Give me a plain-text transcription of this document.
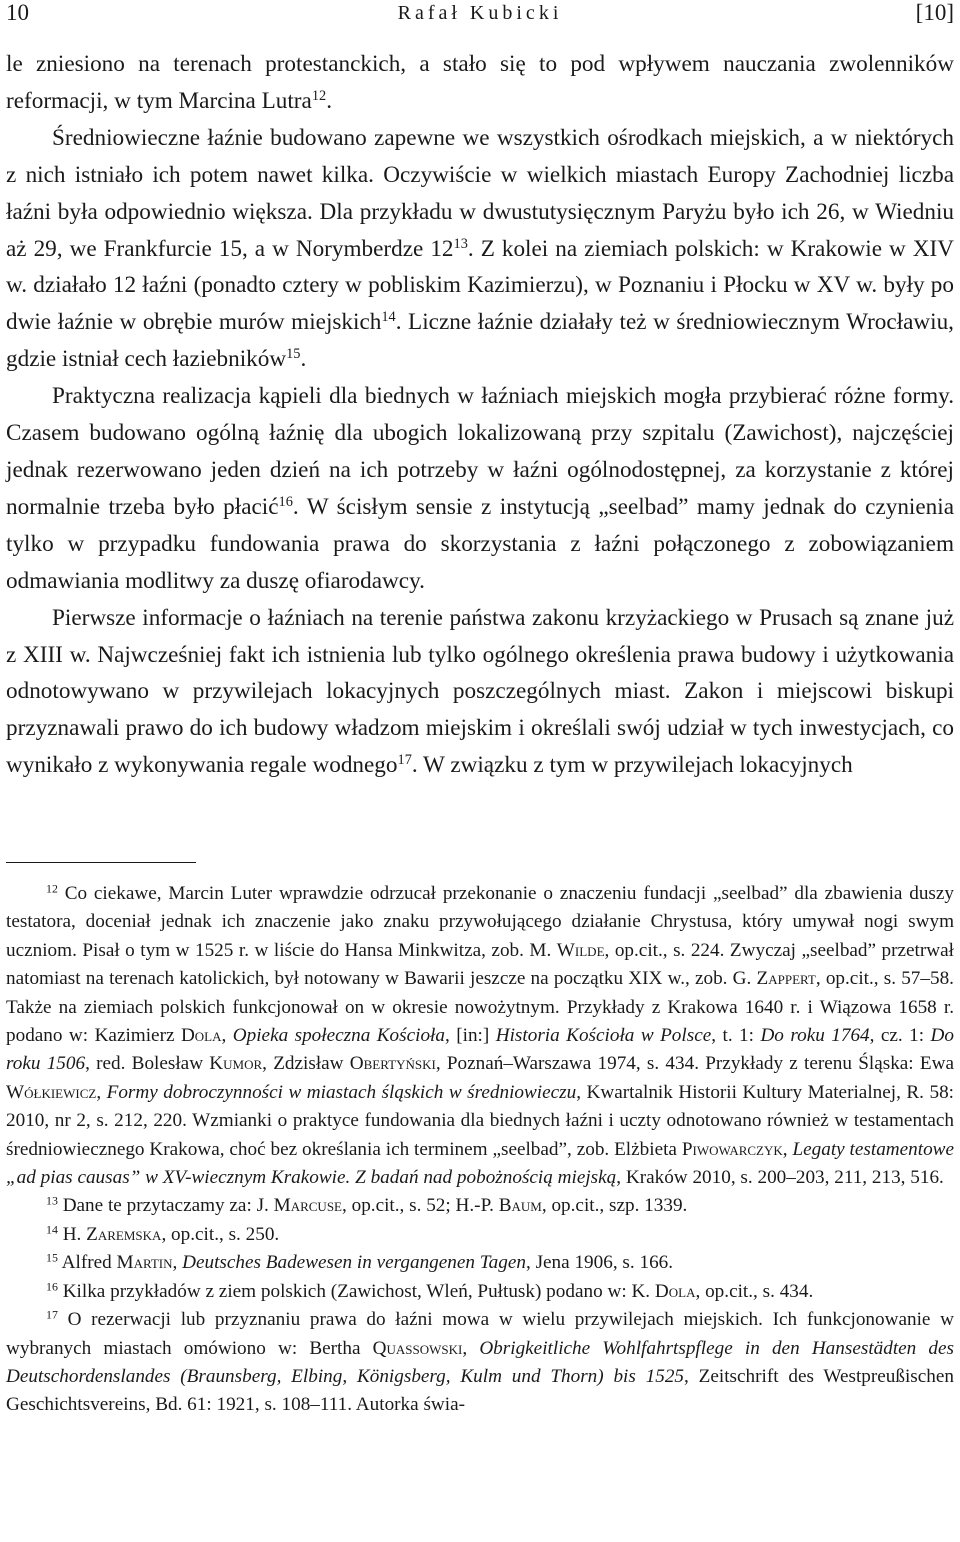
10	Rafał Kubicki	[10]

le zniesiono na terenach protestanckich, a stało się to pod wpływem nauczania zwolenników reformacji, w tym Marcina Lutra$^{12}$.

Średniowieczne łaźnie budowano zapewne we wszystkich ośrodkach miejskich, a w niektórych z nich istniało ich potem nawet kilka. Oczywiście w wielkich miastach Europy Zachodniej liczba łaźni była odpowiednio większa. Dla przykładu w dwustutysięcznym Paryżu było ich 26, w Wiedniu aż 29, we Frankfurcie 15, a w Norymberdze $12^{13}$. Z kolei na ziemiach polskich: w Krakowie w XIV w. działało 12 łaźni (ponadto cztery w pobliskim Kazimierzu), w Poznaniu i Płocku w XV w. były po dwie łaźnie w obrębie murów miejskich$^{14}$. Liczne łaźnie działały też w średniowiecznym Wrocławiu, gdzie istniał cech łaziebników$^{15}$.

Praktyczna realizacja kąpieli dla biednych w łaźniach miejskich mogła przybierać różne formy. Czasem budowano ogólną łaźnię dla ubogich lokalizowaną przy szpitalu (Zawichost), najczęściej jednak rezerwowano jeden dzień na ich potrzeby w łaźni ogólnodostępnej, za korzystanie z której normalnie trzeba było płacić$^{16}$. W ścisłym sensie z instytucją „seelbad” mamy jednak do czynienia tylko w przypadku fundowania prawa do skorzystania z łaźni połączonego z zobowiązaniem odmawiania modlitwy za duszę ofiarodawcy.

Pierwsze informacje o łaźniach na terenie państwa zakonu krzyżackiego w Prusach są znane już z XIII w. Najwcześniej fakt ich istnienia lub tylko ogólnego określenia prawa budowy i użytkowania odnotowywano w przywilejach lokacyjnych poszczególnych miast. Zakon i miejscowi biskupi przyznawali prawo do ich budowy władzom miejskim i określali swój udział w tych inwestycjach, co wynikało z wykonywania regale wodnego$^{17}$. W związku z tym w przywilejach lokacyjnych

$^{12}$ Co ciekawe, Marcin Luter wprawdzie odrzucał przekonanie o znaczeniu fundacji „seelbad” dla zbawienia duszy testatora, doceniał jednak ich znaczenie jako znaku przywołującego działanie Chrystusa, który umywał nogi swym uczniom. Pisał o tym w 1525 r. w liście do Hansa Minkwitza, zob. M. Wilde, op.cit., s. 224. Zwyczaj „seelbad” przetrwał natomiast na terenach katolickich, był notowany w Bawarii jeszcze na początku XIX w., zob. G. Zappert, op.cit., s. 57–58. Także na ziemiach polskich funkcjonował on w okresie nowożytnym. Przykłady z Krakowa 1640 r. i Wiązowa 1658 r. podano w: Kazimierz Dola, Opieka społeczna Kościoła, [in:] Historia Kościoła w Polsce, t. 1: Do roku 1764, cz. 1: Do roku 1506, red. Bolesław Kumor, Zdzisław Obertyński, Poznań–Warszawa 1974, s. 434. Przykłady z terenu Śląska: Ewa Wółkiewicz, Formy dobroczynności w miastach śląskich w średniowieczu, Kwartalnik Historii Kultury Materialnej, R. 58: 2010, nr 2, s. 212, 220. Wzmianki o praktyce fundowania dla biednych łaźni i uczty odnotowano również w testamentach średniowiecznego Krakowa, choć bez określania ich terminem „seelbad”, zob. Elżbieta Piwowarczyk, Legaty testamentowe „ad pias causas” w XV-wiecznym Krakowie. Z badań nad pobożnością miejską, Kraków 2010, s. 200–203, 211, 213, 516.

$^{13}$ Dane te przytaczamy za: J. Marcuse, op.cit., s. 52; H.-P. Baum, op.cit., szp. 1339.

$^{14}$ H. Zaremska, op.cit., s. 250.

$^{15}$ Alfred Martin, Deutsches Badewesen in vergangenen Tagen, Jena 1906, s. 166.

$^{16}$ Kilka przykładów z ziem polskich (Zawichost, Wleń, Pułtusk) podano w: K. Dola, op.cit., s. 434.

$^{17}$ O rezerwacji lub przyznaniu prawa do łaźni mowa w wielu przywilejach miejskich. Ich funkcjonowanie w wybranych miastach omówiono w: Bertha Quassowski, Obrigkeitliche Wohlfahrtspflege in den Hansestädten des Deutschordenslandes (Braunsberg, Elbing, Königsberg, Kulm und Thorn) bis 1525, Zeitschrift des Westpreußischen Geschichtsvereins, Bd. 61: 1921, s. 108–111. Autorka świa-
